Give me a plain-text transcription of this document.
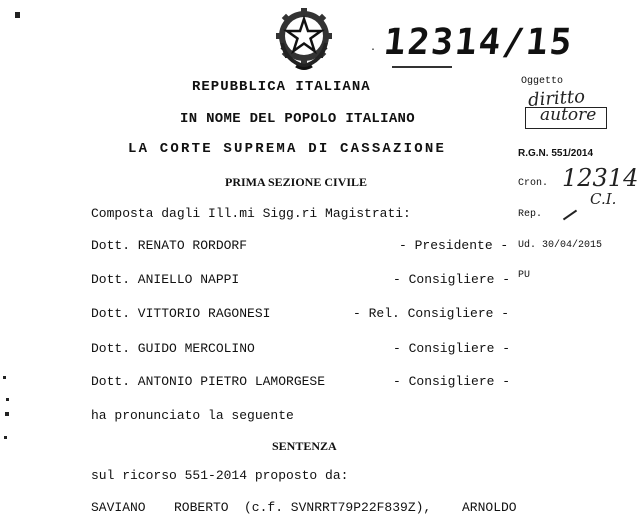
12314/15
·
REPUBBLICA ITALIANA
IN NOME DEL POPOLO ITALIANO
LA CORTE SUPREMA DI CASSAZIONE
PRIMA SEZIONE CIVILE
Oggetto
diritto
autore
R.G.N. 551/2014
Cron. 12314
C.I.
Rep.
Ud. 30/04/2015
PU
Composta dagli Ill.mi Sigg.ri Magistrati:
Dott. RENATO RORDORF	- Presidente -
Dott. ANIELLO NAPPI	- Consigliere -
Dott. VITTORIO RAGONESI	- Rel. Consigliere -
Dott. GUIDO MERCOLINO	- Consigliere -
Dott. ANTONIO PIETRO LAMORGESE	- Consigliere -
ha pronunciato la seguente
SENTENZA
sul ricorso 551-2014 proposto da:
SAVIANO ROBERTO (c.f. SVNRRT79P22F839Z), ARNOLDO
